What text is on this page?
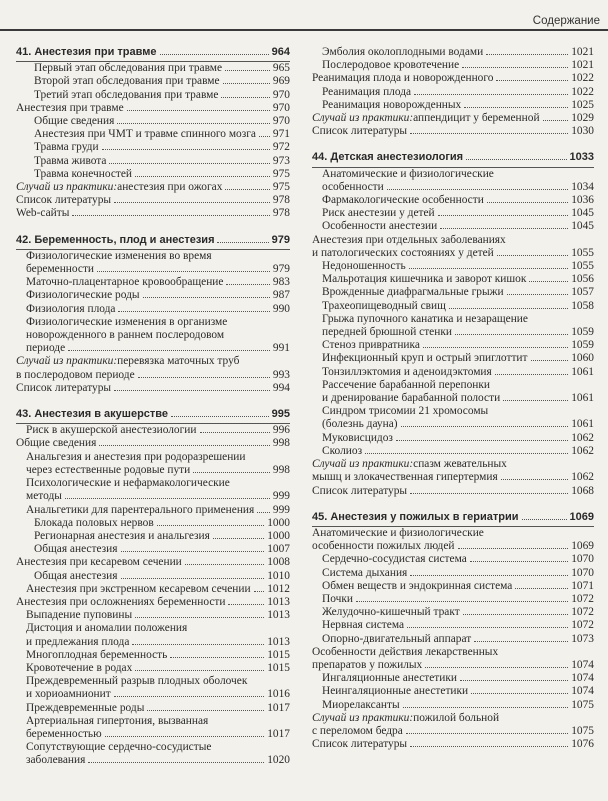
Содержание
41. Анестезия при травме	964
Первый этап обследования при травме	965
Второй этап обследования при травме	969
Третий этап обследования при травме	970
Анестезия при травме	970
Общие сведения	970
Анестезия при ЧМТ и травме спинного мозга 971
Травма груди	972
Травма живота	973
Травма конечностей	975
Случай из практики: анестезия при ожогах	975
Список литературы	978
Web-сайты	978
42. Беременность, плод и анестезия	979
Физиологические изменения во время
беременности	979
Маточно-плацентарное кровообращение	983
Физиологические роды	987
Физиология плода	990
Физиологические изменения в организме
новорожденного в раннем послеродовом
периоде	991
Случай из практики: перевязка маточных труб
в послеродовом периоде	993
Список литературы	994
43. Анестезия в акушерстве	995
Риск в акушерской анестезиологии	996
Общие сведения	998
Анальгезия и анестезия при родоразрешении
через естественные родовые пути	998
Психологические и нефармакологические
методы	999
Анальгетики для парентерального применения 999
Блокада половых нервов	1000
Регионарная анестезия и анальгезия	1000
Общая анестезия	1007
Анестезия при кесаревом сечении	1008
Общая анестезия	1010
Анестезия при экстренном кесаревом сечении 1012
Анестезия при осложнениях беременности	1013
Выпадение пуповины	1013
Дистоция и аномалии положения
и предлежания плода	1013
Многоплодная беременность	1015
Кровотечение в родах	1015
Преждевременный разрыв плодных оболочек
и хориоамнионит	1016
Преждевременные роды	1017
Артериальная гипертония, вызванная
беременностью	1017
Сопутствующие сердечно-сосудистые
заболевания	1020
Эмболия околоплодными водами	1021
Послеродовое кровотечение	1021
Реанимация плода и новорожденного	1022
Реанимация плода	1022
Реанимация новорожденных	1025
Случай из практики: аппендицит у беременной	1029
Список литературы	1030
44. Детская анестезиология	1033
Анатомические и физиологические
особенности	1034
Фармакологические особенности	1036
Риск анестезии у детей	1045
Особенности анестезии	1045
Анестезия при отдельных заболеваниях
и патологических состояниях у детей	1055
Недоношенность	1055
Мальротация кишечника и заворот кишок	1056
Врожденные диафрагмальные грыжи	1057
Трахеопищеводный свищ	1058
Грыжа пупочного канатика и незаращение
передней брюшной стенки	1059
Стеноз привратника	1059
Инфекционный круп и острый эпиглоттит	1060
Тонзиллэктомия и аденоидэктомия	1061
Рассечение барабанной перепонки
и дренирование барабанной полости	1061
Синдром трисомии 21 хромосомы
(болезнь дауна)	1061
Муковисцидоз	1062
Сколиоз	1062
Случай из практики: спазм жевательных
мышц и злокачественная гипертермия	1062
Список литературы	1068
45. Анестезия у пожилых в гериатрии	1069
Анатомические и физиологические
особенности пожилых людей	1069
Сердечно-сосудистая система	1070
Система дыхания	1070
Обмен веществ и эндокринная система	1071
Почки	1072
Желудочно-кишечный тракт	1072
Нервная система	1072
Опорно-двигательный аппарат	1073
Особенности действия лекарственных
препаратов у пожилых	1074
Ингаляционные анестетики	1074
Неингаляционные анестетики	1074
Миорелаксанты	1075
Случай из практики: пожилой больной
с переломом бедра	1075
Список литературы	1076
